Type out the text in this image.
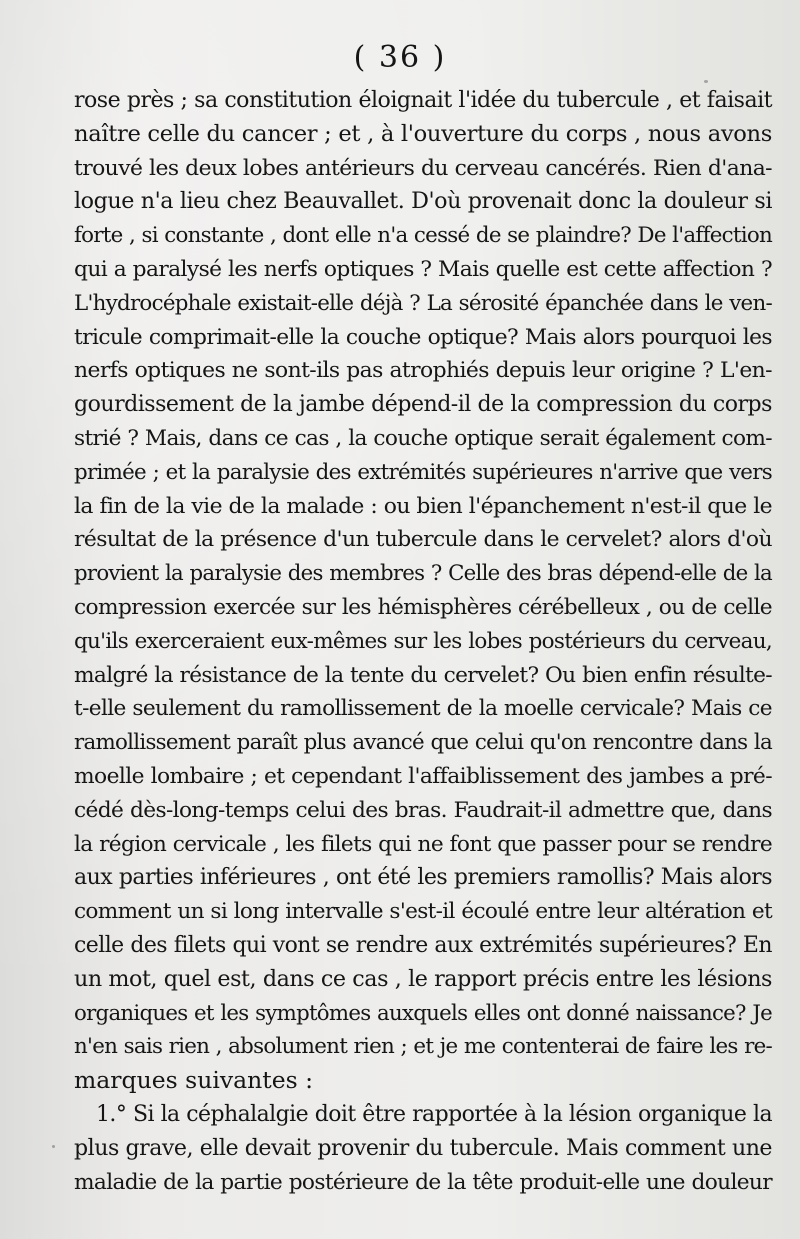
( 36 )
rose près ; sa constitution éloignait l'idée du tubercule , et faisait
naître celle du cancer ; et , à l'ouverture du corps , nous avons
trouvé les deux lobes antérieurs du cerveau cancérés. Rien d'ana-
logue n'a lieu chez Beauvallet. D'où provenait donc la douleur si
forte , si constante , dont elle n'a cessé de se plaindre? De l'affection
qui a paralysé les nerfs optiques ? Mais quelle est cette affection ?
L'hydrocéphale existait-elle déjà ? La sérosité épanchée dans le ven-
tricule comprimait-elle la couche optique? Mais alors pourquoi les
nerfs optiques ne sont-ils pas atrophiés depuis leur origine ? L'en-
gourdissement de la jambe dépend-il de la compression du corps
strié ? Mais, dans ce cas , la couche optique serait également com-
primée ; et la paralysie des extrémités supérieures n'arrive que vers
la fin de la vie de la malade : ou bien l'épanchement n'est-il que le
résultat de la présence d'un tubercule dans le cervelet? alors d'où
provient la paralysie des membres ? Celle des bras dépend-elle de la
compression exercée sur les hémisphères cérébelleux , ou de celle
qu'ils exerceraient eux-mêmes sur les lobes postérieurs du cerveau,
malgré la résistance de la tente du cervelet? Ou bien enfin résulte-
t-elle seulement du ramollissement de la moelle cervicale? Mais ce
ramollissement paraît plus avancé que celui qu'on rencontre dans la
moelle lombaire ; et cependant l'affaiblissement des jambes a pré-
cédé dès-long-temps celui des bras. Faudrait-il admettre que, dans
la région cervicale , les filets qui ne font que passer pour se rendre
aux parties inférieures , ont été les premiers ramollis? Mais alors
comment un si long intervalle s'est-il écoulé entre leur altération et
celle des filets qui vont se rendre aux extrémités supérieures? En
un mot, quel est, dans ce cas , le rapport précis entre les lésions
organiques et les symptômes auxquels elles ont donné naissance? Je
n'en sais rien , absolument rien ; et je me contenterai de faire les re-
marques suivantes :
1.° Si la céphalalgie doit être rapportée à la lésion organique la
plus grave, elle devait provenir du tubercule. Mais comment une
maladie de la partie postérieure de la tête produit-elle une douleur
